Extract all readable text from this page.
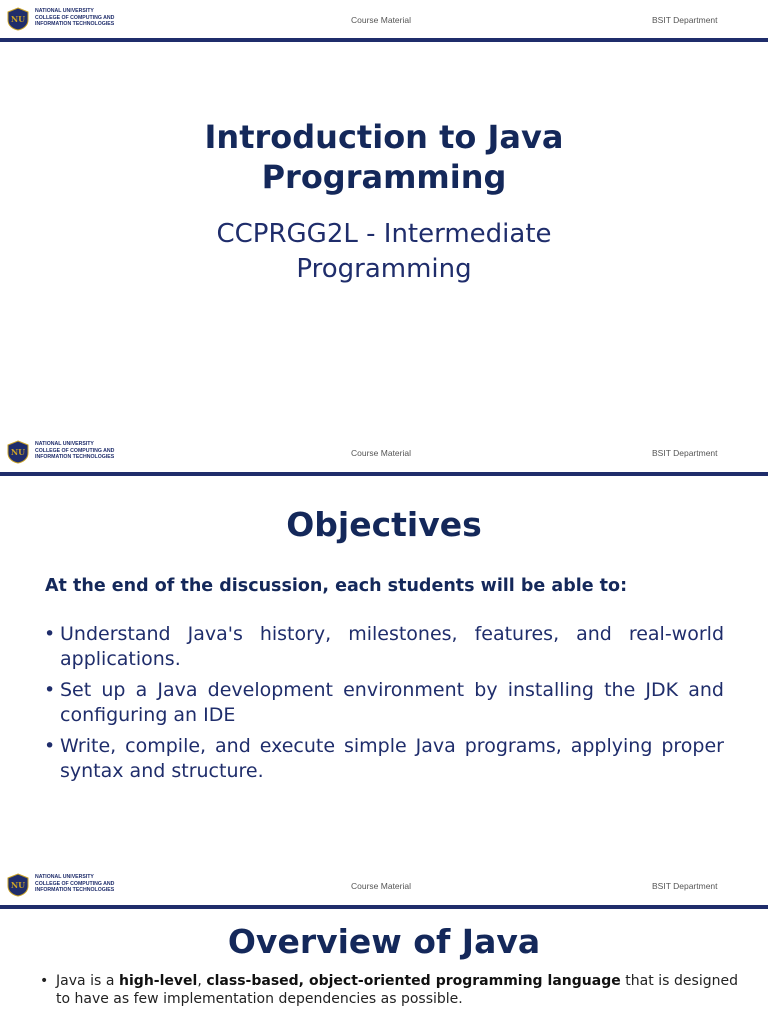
NU
NATIONAL UNIVERSITY
COLLEGE OF COMPUTING AND
INFORMATION TECHNOLOGIES	Course Material	BSIT Department
Introduction to Java
Programming
CCPRGG2L - Intermediate
Programming
NU
NATIONAL UNIVERSITY
COLLEGE OF COMPUTING AND
INFORMATION TECHNOLOGIES	Course Material	BSIT Department
Objectives
At the end of the discussion, each students will be able to:
• Understand Java's history, milestones, features, and real-world applications.
• Set up a Java development environment by installing the JDK and configuring an IDE
• Write, compile, and execute simple Java programs, applying proper syntax and structure.
NU
NATIONAL UNIVERSITY
COLLEGE OF COMPUTING AND
INFORMATION TECHNOLOGIES	Course Material	BSIT Department
Overview of Java
• Java is a high-level, class-based, object-oriented programming language that is designed to have as few implementation dependencies as possible.
